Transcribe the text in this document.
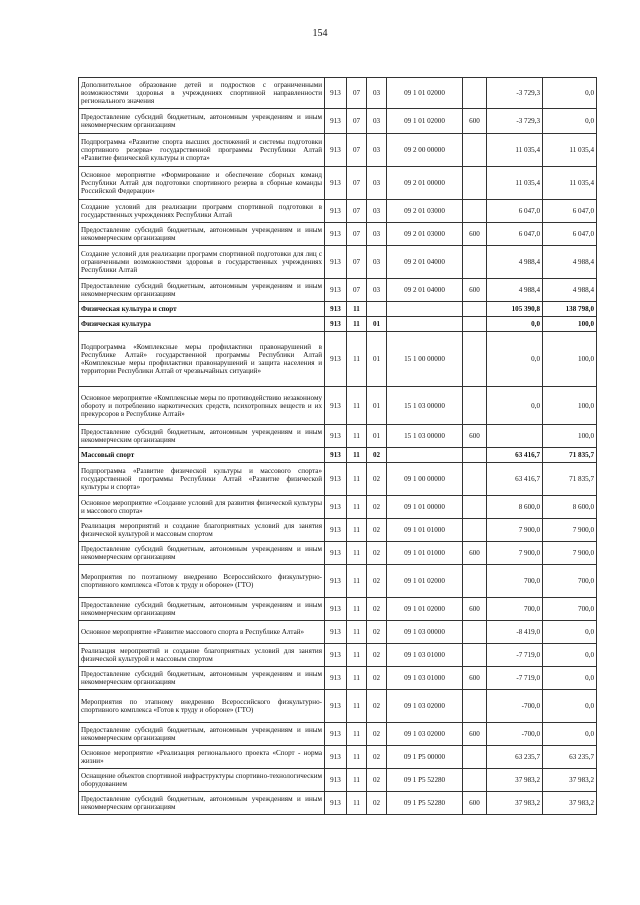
154
Дополнительное образование детей и подростков с ограниченными возможностями здоровья в учреждениях спортивной направленности регионального значения	913	07	03	09 1 01 02000		-3 729,3	0,0
Предоставление субсидий бюджетным, автономным учреждениям и иным некоммерческим организациям	913	07	03	09 1 01 02000	600	-3 729,3	0,0
Подпрограмма «Развитие спорта высших достижений и системы подготовки спортивного резерва» государственной программы Республики Алтай «Развитие физической культуры и спорта»	913	07	03	09 2 00 00000		11 035,4	11 035,4
Основное мероприятие «Формирование и обеспечение сборных команд Республики Алтай для подготовки спортивного резерва в сборные команды Российской Федерации»	913	07	03	09 2 01 00000		11 035,4	11 035,4
Создание условий для реализации программ спортивной подготовки в государственных учреждениях Республики Алтай	913	07	03	09 2 01 03000		6 047,0	6 047,0
Предоставление субсидий бюджетным, автономным учреждениям и иным некоммерческим организациям	913	07	03	09 2 01 03000	600	6 047,0	6 047,0
Создание условий для реализации программ спортивной подготовки для лиц с ограниченными возможностями здоровья в государственных учреждениях Республики Алтай	913	07	03	09 2 01 04000		4 988,4	4 988,4
Предоставление субсидий бюджетным, автономным учреждениям и иным некоммерческим организациям	913	07	03	09 2 01 04000	600	4 988,4	4 988,4
Физическая культура и спорт	913	11				105 390,8	138 798,0
Физическая культура	913	11	01			0,0	100,0
Подпрограмма «Комплексные меры профилактики правонарушений в Республике Алтай» государственной программы Республики Алтай «Комплексные меры профилактики правонарушений и защита населения и территории Республики Алтай от чрезвычайных ситуаций»	913	11	01	15 1 00 00000		0,0	100,0
Основное мероприятие «Комплексные меры по противодействию незаконному обороту и потреблению наркотических средств, психотропных веществ и их прекурсоров в Республике Алтай»	913	11	01	15 1 03 00000		0,0	100,0
Предоставление субсидий бюджетным, автономным учреждениям и иным некоммерческим организациям	913	11	01	15 1 03 00000	600		100,0
Массовый спорт	913	11	02			63 416,7	71 835,7
Подпрограмма «Развитие физической культуры и массового спорта» государственной программы Республики Алтай «Развитие физической культуры и спорта»	913	11	02	09 1 00 00000		63 416,7	71 835,7
Основное мероприятие «Создание условий для развития физической культуры и массового спорта»	913	11	02	09 1 01 00000		8 600,0	8 600,0
Реализация мероприятий и создание благоприятных условий для занятия физической культурой и массовым спортом	913	11	02	09 1 01 01000		7 900,0	7 900,0
Предоставление субсидий бюджетным, автономным учреждениям и иным некоммерческим организациям	913	11	02	09 1 01 01000	600	7 900,0	7 900,0
Мероприятия по поэтапному внедрению Всероссийского физкультурно-спортивного комплекса «Готов к труду и обороне» (ГТО)	913	11	02	09 1 01 02000		700,0	700,0
Предоставление субсидий бюджетным, автономным учреждениям и иным некоммерческим организациям	913	11	02	09 1 01 02000	600	700,0	700,0
Основное мероприятие «Развитие массового спорта в Республике Алтай»	913	11	02	09 1 03 00000		-8 419,0	0,0
Реализация мероприятий и создание благоприятных условий для занятия физической культурой и массовым спортом	913	11	02	09 1 03 01000		-7 719,0	0,0
Предоставление субсидий бюджетным, автономным учреждениям и иным некоммерческим организациям	913	11	02	09 1 03 01000	600	-7 719,0	0,0
Мероприятия по этапному внедрению Всероссийского физкультурно-спортивного комплекса «Готов к труду и обороне» (ГТО)	913	11	02	09 1 03 02000		-700,0	0,0
Предоставление субсидий бюджетным, автономным учреждениям и иным некоммерческим организациям	913	11	02	09 1 03 02000	600	-700,0	0,0
Основное мероприятие «Реализация регионального проекта «Спорт - норма жизни»	913	11	02	09 1 P5 00000		63 235,7	63 235,7
Оснащение объектов спортивной инфраструктуры спортивно-технологическим оборудованием	913	11	02	09 1 P5 52280		37 983,2	37 983,2
Предоставление субсидий бюджетным, автономным учреждениям и иным некоммерческим организациям	913	11	02	09 1 P5 52280	600	37 983,2	37 983,2
